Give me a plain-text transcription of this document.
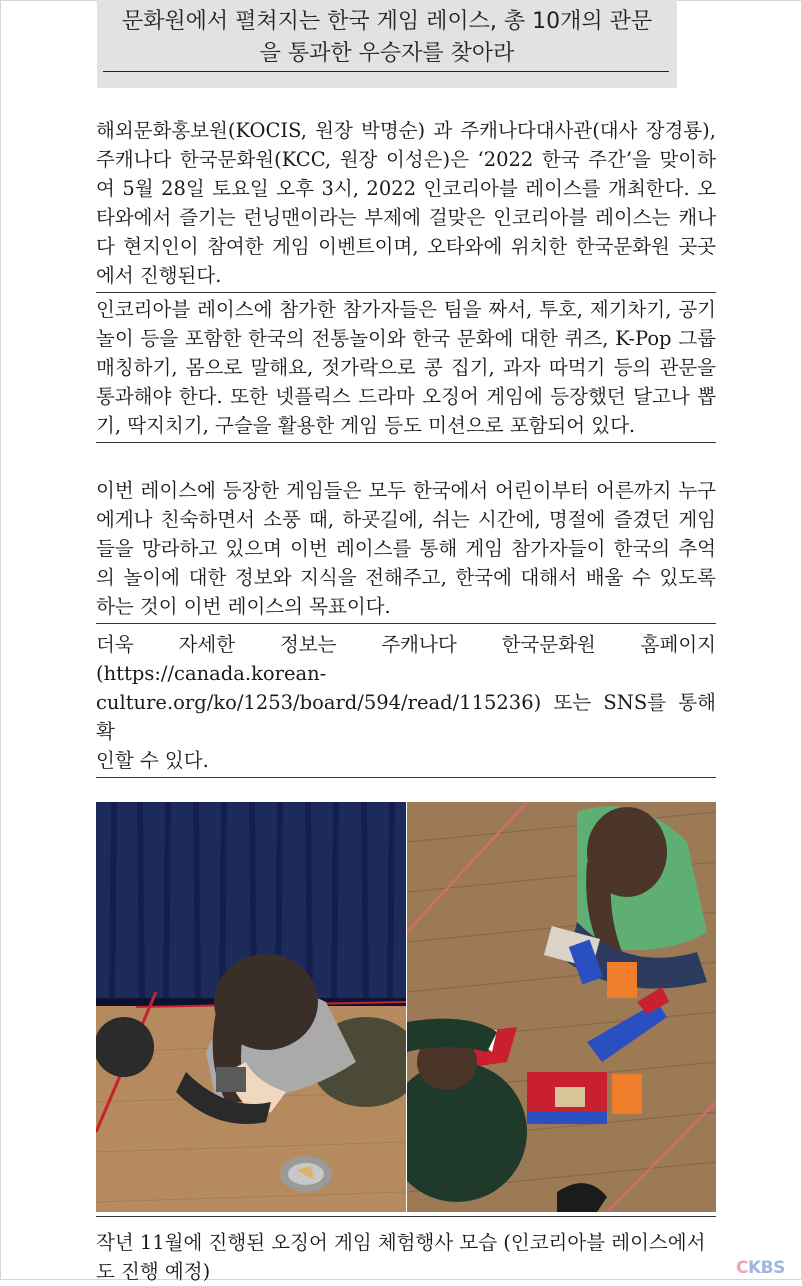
문화원에서 펼쳐지는 한국 게임 레이스, 총 10개의 관문
을 통과한 우승자를 찾아라
해외문화홍보원(KOCIS, 원장 박명순) 과 주캐나다대사관(대사 장경룡), 주캐나다 한국문화원(KCC, 원장 이성은)은 ‘2022 한국 주간’을 맞이하여 5월 28일 토요일 오후 3시, 2022 인코리아블 레이스를 개최한다. 오타와에서 즐기는 런닝맨이라는 부제에 걸맞은 인코리아블 레이스는 캐나다 현지인이 참여한 게임 이벤트이며, 오타와에 위치한 한국문화원 곳곳에서 진행된다.
인코리아블 레이스에 참가한 참가자들은 팀을 짜서, 투호, 제기차기, 공기놀이 등을 포함한 한국의 전통놀이와 한국 문화에 대한 퀴즈, K-Pop 그룹 매칭하기, 몸으로 말해요, 젓가락으로 콩 집기, 과자 따먹기 등의 관문을 통과해야 한다. 또한 넷플릭스 드라마 오징어 게임에 등장했던 달고나 뽑기, 딱지치기, 구슬을 활용한 게임 등도 미션으로 포함되어 있다.
이번 레이스에 등장한 게임들은 모두 한국에서 어린이부터 어른까지 누구에게나 친숙하면서 소풍 때, 하굣길에, 쉬는 시간에, 명절에 즐겼던 게임들을 망라하고 있으며 이번 레이스를 통해 게임 참가자들이 한국의 추억의 놀이에 대한 정보와 지식을 전해주고, 한국에 대해서 배울 수 있도록 하는 것이 이번 레이스의 목표이다.
더욱 자세한 정보는 주캐나다 한국문화원 홈페이지
(https://canada.korean-
culture.org/ko/1253/board/594/read/115236) 또는 SNS를 통해 확
인할 수 있다.
작년 11월에 진행된 오징어 게임 체험행사 모습 (인코리아블 레이스에서도 진행 예정)	CKBS
